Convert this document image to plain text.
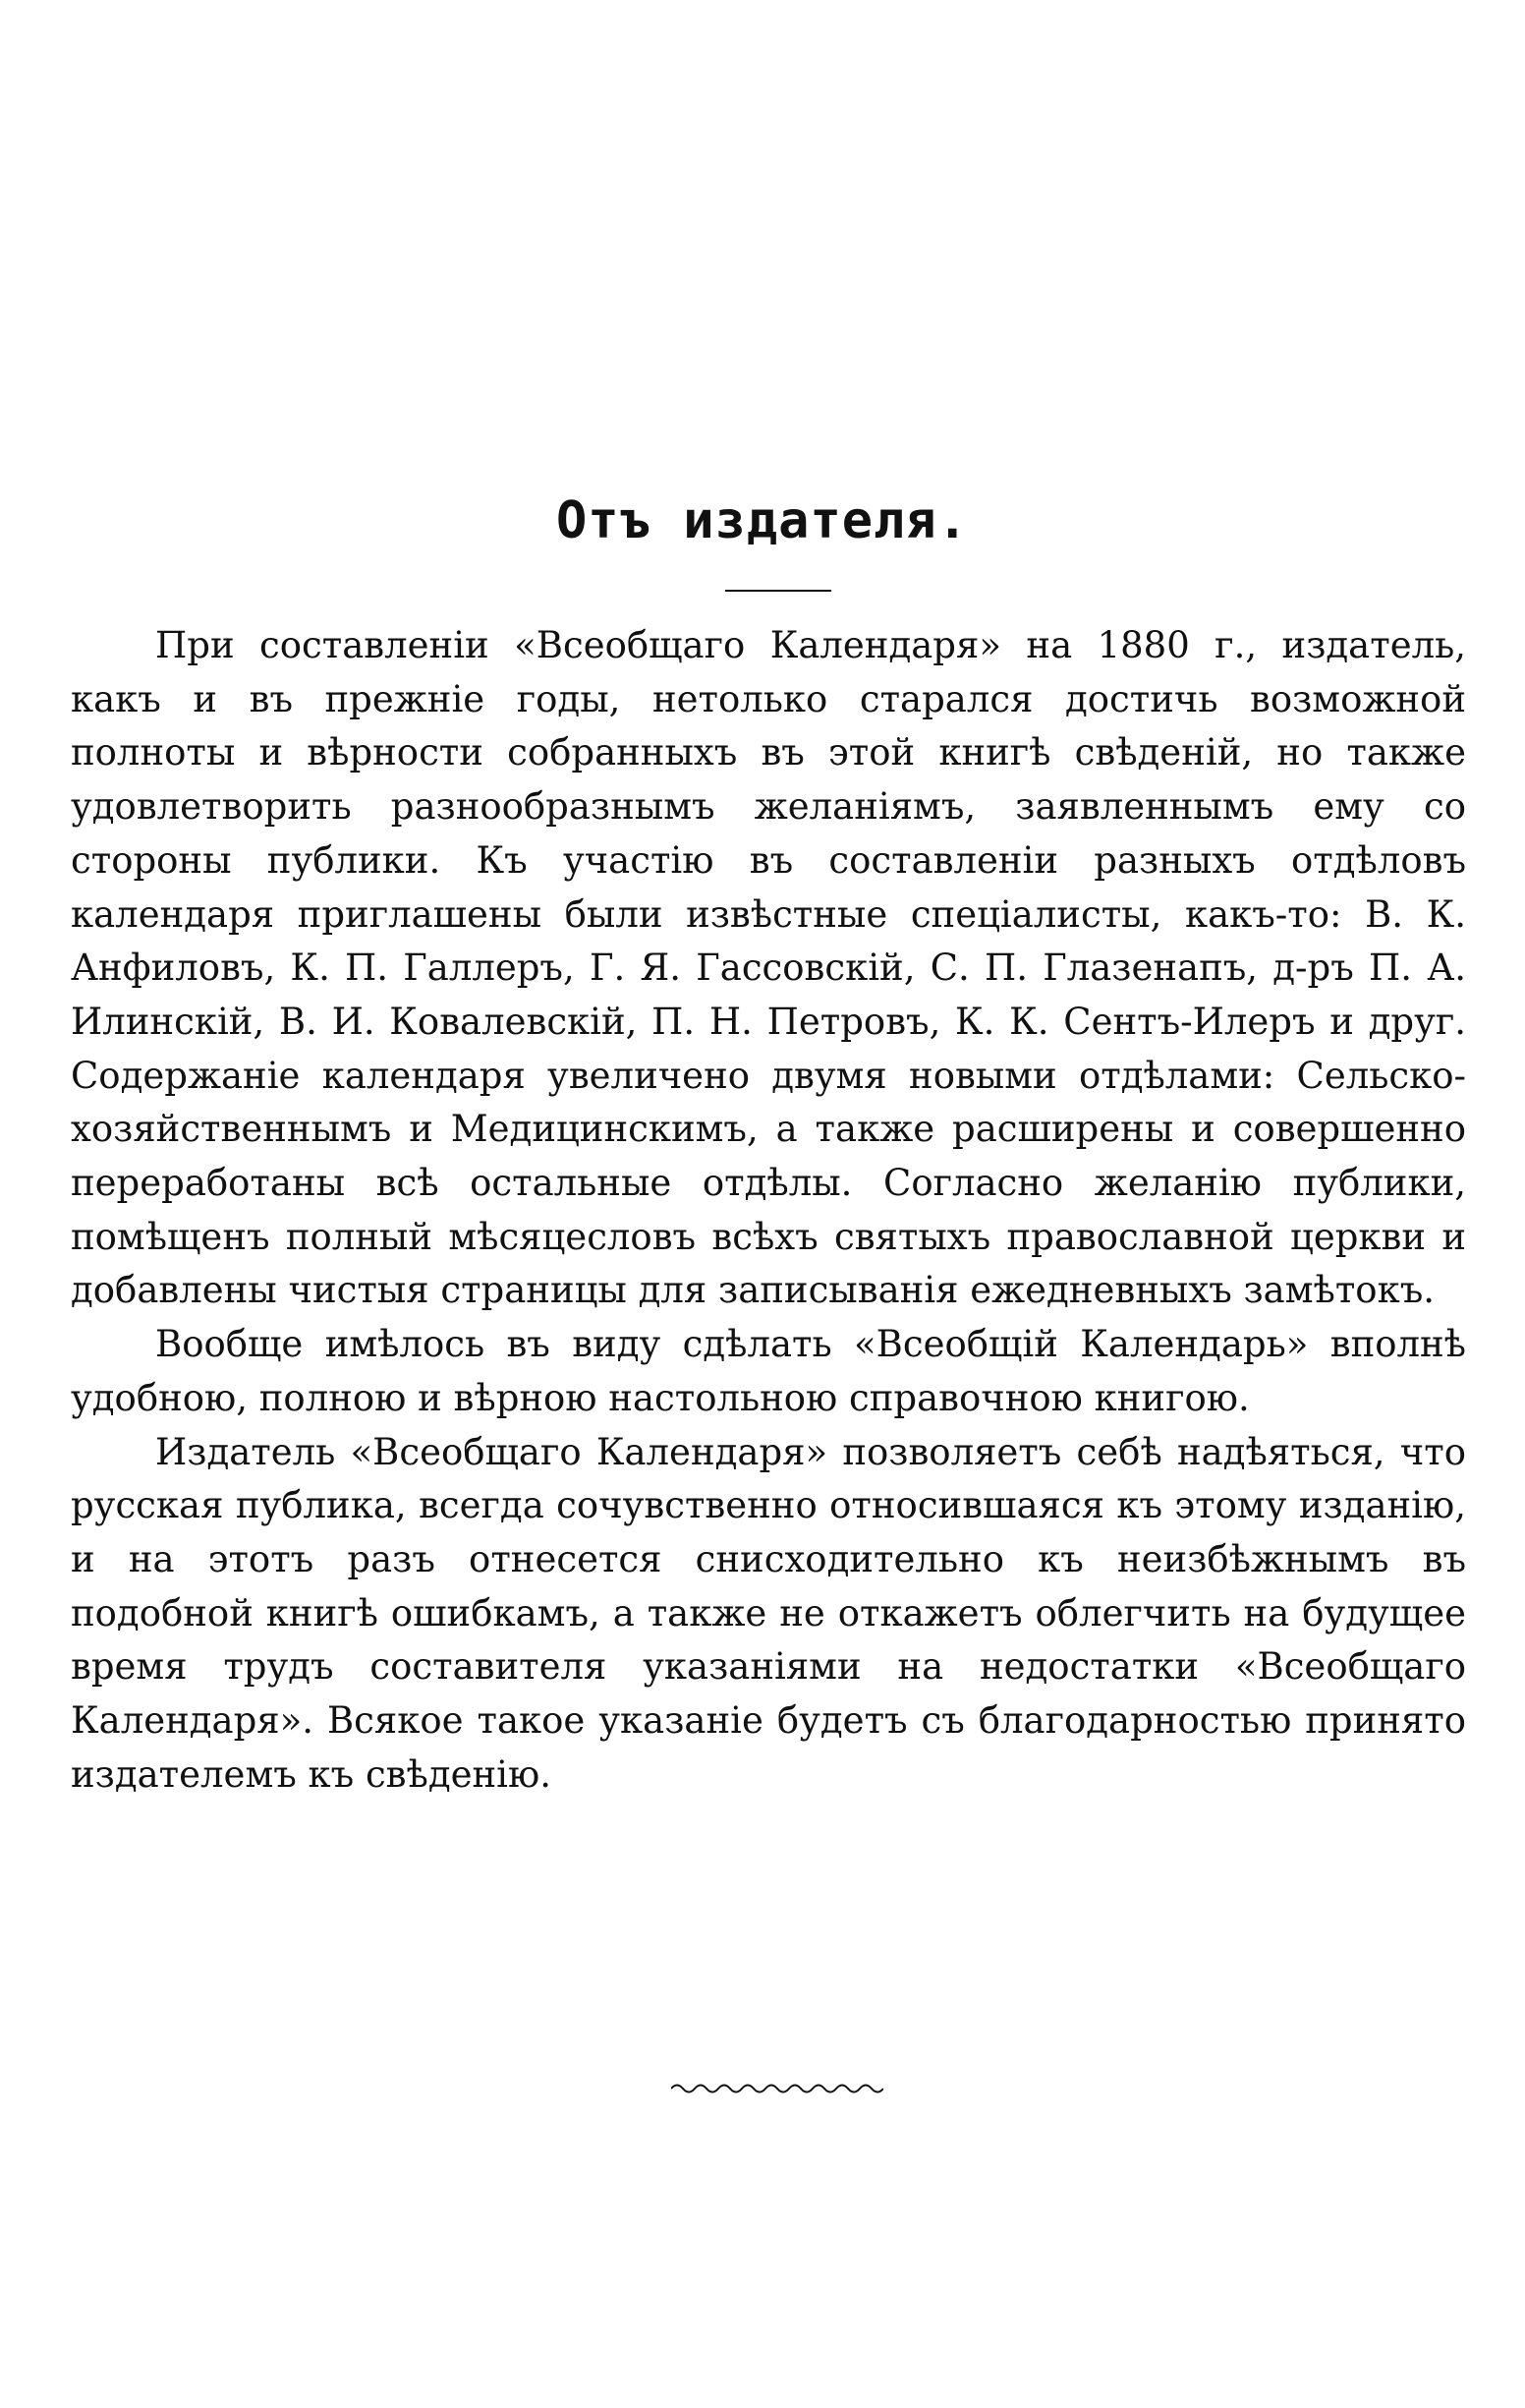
Отъ издателя.

При составленіи «Всеобщаго Календаря» на 1880 г., издатель, какъ и въ прежніе годы, нетолько старался достичь возможной полноты и вѣрности собранныхъ въ этой книгѣ свѣденій, но также удовлетворить разнообразнымъ желаніямъ, заявленнымъ ему со стороны публики. Къ участію въ составленіи разныхъ отдѣловъ календаря приглашены были извѣстные спеціалисты, какъ-то: В. К. Анфиловъ, К. П. Галлеръ, Г. Я. Гассовскій, С. П. Глазенапъ, д-ръ П. А. Илинскій, В. И. Ковалевскій, П. Н. Петровъ, К. К. Сентъ-Илеръ и друг. Содержаніе календаря увеличено двумя новыми отдѣлами: Сельско-хозяйственнымъ и Медицинскимъ, а также расширены и совершенно переработаны всѣ остальные отдѣлы. Согласно желанію публики, помѣщенъ полный мѣсяцесловъ всѣхъ святыхъ православной церкви и добавлены чистыя страницы для записыванія ежедневныхъ замѣтокъ.

Вообще имѣлось въ виду сдѣлать «Всеобщій Календарь» вполнѣ удобною, полною и вѣрною настольною справочною книгою.

Издатель «Всеобщаго Календаря» позволяетъ себѣ надѣяться, что русская публика, всегда сочувственно относившаяся къ этому изданію, и на этотъ разъ отнесется снисходительно къ неизбѣжнымъ въ подобной книгѣ ошибкамъ, а также не откажетъ облегчить на будущее время трудъ составителя указаніями на недостатки «Всеобщаго Календаря». Всякое такое указаніе будетъ съ благодарностью принято издателемъ къ свѣденію.
